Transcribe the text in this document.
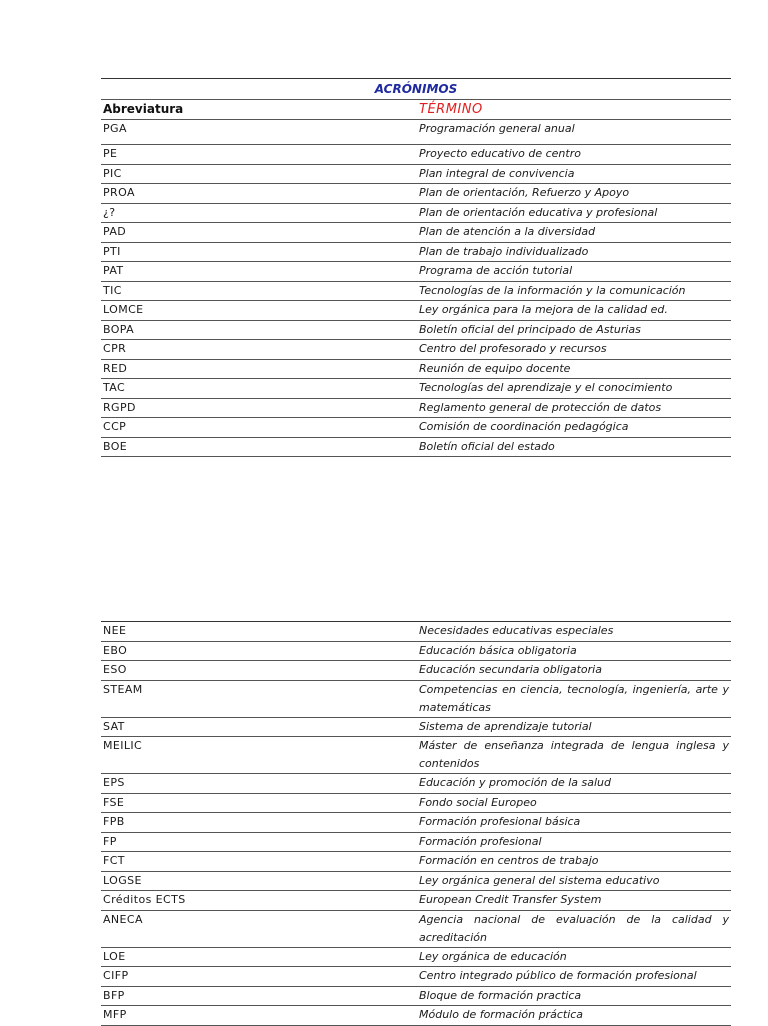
ACRÓNIMOS	
Abreviatura	TÉRMINO
PGA	Programación general anual
PE	Proyecto educativo de centro
PIC	Plan integral de convivencia
PROA	Plan de orientación, Refuerzo y Apoyo
¿?	Plan de orientación educativa y profesional
PAD	Plan de atención a la diversidad
PTI	Plan de trabajo individualizado
PAT	Programa de acción tutorial
TIC	Tecnologías de la información y la comunicación
LOMCE	Ley orgánica para la mejora de la calidad ed.
BOPA	Boletín oficial del principado de Asturias
CPR	Centro del profesorado y recursos
RED	Reunión de equipo docente
TAC	Tecnologías del aprendizaje y el conocimiento
RGPD	Reglamento general de protección de datos
CCP	Comisión de coordinación pedagógica
BOE	Boletín oficial del estado
NEE	Necesidades educativas especiales
EBO	Educación básica obligatoria
ESO	Educación secundaria obligatoria
STEAM	Competencias en ciencia, tecnología, ingeniería, arte y matemáticas
SAT	Sistema de aprendizaje tutorial
MEILIC	Máster de enseñanza integrada de lengua inglesa y contenidos
EPS	Educación y promoción de la salud
FSE	Fondo social Europeo
FPB	Formación profesional básica
FP	Formación profesional
FCT	Formación en centros de trabajo
LOGSE	Ley orgánica general del sistema educativo
Créditos ECTS	European Credit Transfer System
ANECA	Agencia nacional de evaluación de la calidad y acreditación
LOE	Ley orgánica de educación
CIFP	Centro integrado público de formación profesional
BFP	Bloque de formación practica
MFP	Módulo de formación práctica
